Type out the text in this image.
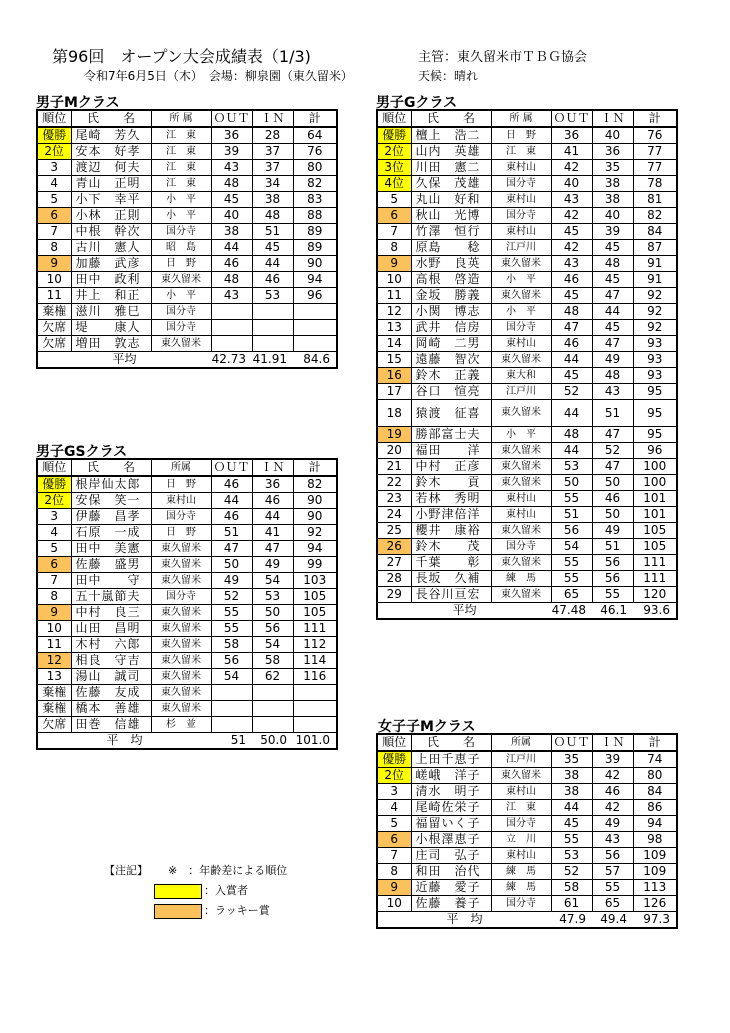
第96回　オープン大会成績表（1/3)	主管：東久留米市ＴＢＧ協会
令和7年6月5日（木）　会場：柳泉園（東久留米）	天候：晴れ
男子Mクラス
順位	氏　　名	所 属	ＯＵＴ	ＩＮ	計
優勝	尾崎　芳久	江　東	36	28	64
2位	安本　好孝	江　東	39	37	76
3	渡辺　何夫	江　東	43	37	80
4	青山　正明	江　東	48	34	82
5	小下　幸平	小　平	45	38	83
6	小林　正則	小　平	40	48	88
7	中根　幹次	国分寺	38	51	89
8	古川　憲人	昭　島	44	45	89
9	加藤　武彦	日　野	46	44	90
10	田中　政利	東久留米	48	46	94
11	井上　和正	小　平	43	53	96
棄権	滋川　雅巳	国分寺			
欠席	堤　　康人	国分寺			
欠席	増田　敦志	東久留米			
平均			42.73	41.91	84.6
男子GSクラス
順位	氏　　名	所属	ＯＵＴ	ＩＮ	計
優勝	根岸仙太郎	日　野	46	36	82
2位	安保　笑一	東村山	44	46	90
3	伊藤　昌孝	国分寺	46	44	90
4	石原　一成	日　野	51	41	92
5	田中　美憲	東久留米	47	47	94
6	佐藤　盛男	東久留米	50	49	99
7	田中　　守	東久留米	49	54	103
8	五十嵐節夫	国分寺	52	53	105
9	中村　良三	東久留米	55	50	105
10	山田　昌明	東久留米	55	56	111
11	木村　六郎	東久留米	58	54	112
12	相良　守吉	東久留米	56	58	114
13	湯山　誠司	東久留米	54	62	116
棄権	佐藤　友成	東久留米			
棄権	橋本　善雄	東久留米			
欠席	田巻　信雄	杉　並			
平　均			51	50.0	101.0
男子Gクラス
順位	氏　　名	所 属	ＯＵＴ	ＩＮ	計
優勝	檀上　浩二	日　野	36	40	76
2位	山内　英雄	江　東	41	36	77
3位	川田　憲二	東村山	42	35	77
4位	久保　茂雄	国分寺	40	38	78
5	丸山　好和	東村山	43	38	81
6	秋山　光博	国分寺	42	40	82
7	竹澤　恒行	東村山	45	39	84
8	原島　　稔	江戸川	42	45	87
9	水野　良英	東久留米	43	48	91
10	高根　啓造	小　平	46	45	91
11	金坂　勝義	東久留米	45	47	92
12	小関　博志	小　平	48	44	92
13	武井　信房	国分寺	47	45	92
14	岡崎　二男	東村山	46	47	93
15	遠藤　智次	東久留米	44	49	93
16	鈴木　正義	東大和	45	48	93
17	谷口　愃亮	江戸川	52	43	95
18	猿渡　征喜	東久留米	44	51	95
19	勝部富士夫	小　平	48	47	95
20	福田　　洋	東久留米	44	52	96
21	中村　正彦	東久留米	53	47	100
22	鈴木　　貢	東久留米	50	50	100
23	若林　秀明	東村山	55	46	101
24	小野津倍洋	東村山	51	50	101
25	櫻井　康裕	東久留米	56	49	105
26	鈴木　　茂	国分寺	54	51	105
27	千葉　　彰	東久留米	55	56	111
28	長坂　久補	練　馬	55	56	111
29	長谷川亘宏	東久留米	65	55	120
平均			47.48	46.1	93.6
女子子Mクラス
順位	氏　　名	所属	ＯＵＴ	ＩＮ	計
優勝	上田千恵子	江戸川	35	39	74
2位	嵯峨　洋子	東久留米	38	42	80
3	清水　明子	東村山	38	46	84
4	尾崎佐栄子	江　東	44	42	86
5	福留いく子	国分寺	45	49	94
6	小根澤恵子	立　川	55	43	98
7	庄司　弘子	東村山	53	56	109
8	和田　治代	練　馬	52	57	109
9	近藤　愛子	練　馬	58	55	113
10	佐藤　養子	国分寺	61	65	126
平　均			47.9	49.4	97.3
【注記】 ※　：年齢差による順位
：入賞者
：ラッキー賞
